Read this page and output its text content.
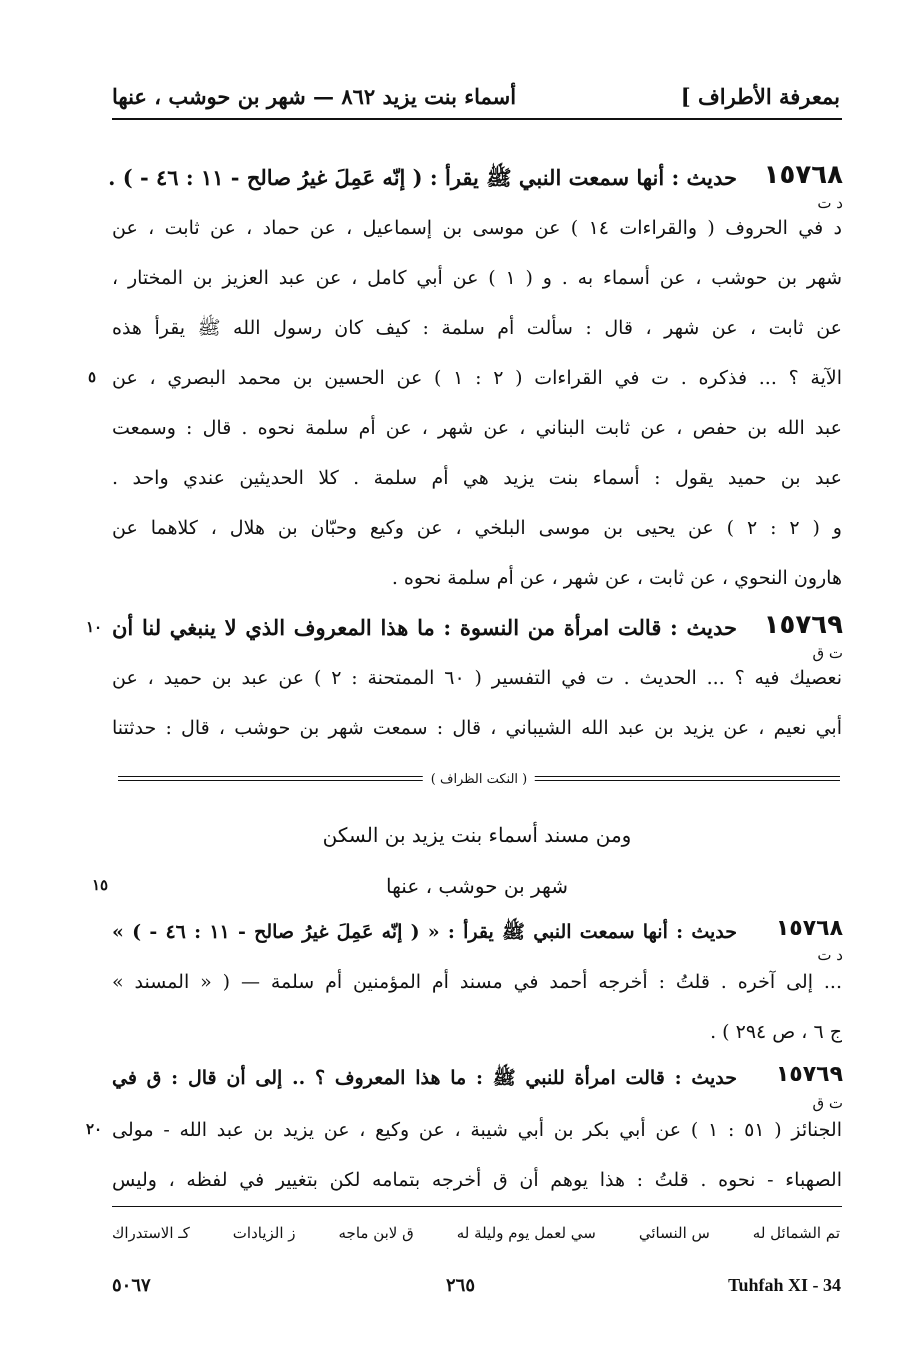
أسماء بنت يزيد ٨٦٢ — شهر بن حوشب ، عنها	بمعرفة الأطراف ]
١٥٧٦٨
د ت
حديث : أنها سمعت النبي ﷺ يقرأ : ( إنّه عَمِلَ غيرُ صالح - ١١ : ٤٦ - ) .
د في الحروف ( والقراءات ١٤ ) عن موسى بن إسماعيل ، عن حماد ، عن ثابت ، عن
شهر بن حوشب ، عن أسماء به . و ( ١ ) عن أبي كامل ، عن عبد العزيز بن المختار ،
عن ثابت ، عن شهر ، قال : سألت أم سلمة : كيف كان رسول الله ﷺ يقرأ هذه
الآية ؟ ... فذكره . ت في القراءات ( ٢ : ١ ) عن الحسين بن محمد البصري ، عن
٥
عبد الله بن حفص ، عن ثابت البناني ، عن شهر ، عن أم سلمة نحوه . قال : وسمعت
عبد بن حميد يقول : أسماء بنت يزيد هي أم سلمة . كلا الحديثين عندي واحد .
و ( ٢ : ٢ ) عن يحيى بن موسى البلخي ، عن وكيع وحبّان بن هلال ، كلاهما عن
هارون النحوي ، عن ثابت ، عن شهر ، عن أم سلمة نحوه .
١٥٧٦٩
ت ق
١٠ حديث : قالت امرأة من النسوة : ما هذا المعروف الذي لا ينبغي لنا أن
نعصيك فيه ؟ ... الحديث . ت في التفسير ( ٦٠ الممتحنة : ٢ ) عن عبد بن حميد ، عن
أبي نعيم ، عن يزيد بن عبد الله الشيباني ، قال : سمعت شهر بن حوشب ، قال : حدثتنا
( النكت الظراف )
ومن مسند أسماء بنت يزيد بن السكن
شهر بن حوشب ، عنها
١٥
١٥٧٦٨
د ت
حديث : أنها سمعت النبي ﷺ يقرأ : « ( إنّه عَمِلَ غيرُ صالح - ١١ : ٤٦ - ) »
... إلى آخره . قلتُ : أخرجه أحمد في مسند أم المؤمنين أم سلمة — ( « المسند »
ج ٦ ، ص ٢٩٤ ) .
١٥٧٦٩
ت ق
حديث : قالت امرأة للنبي ﷺ : ما هذا المعروف ؟ .. إلى أن قال : ق في
الجنائز ( ٥١ : ١ ) عن أبي بكر بن أبي شيبة ، عن وكيع ، عن يزيد بن عبد الله - مولى
٢٠
الصهباء - نحوه . قلتُ : هذا يوهم أن ق أخرجه بتمامه لكن بتغيير في لفظه ، وليس
تم الشمائل له
س النسائي
سي لعمل يوم وليلة له
ق لابن ماجه
ز الزيادات
كـ الاستدراك
٥٠٦٧	٢٦٥	Tuhfah XI - 34
